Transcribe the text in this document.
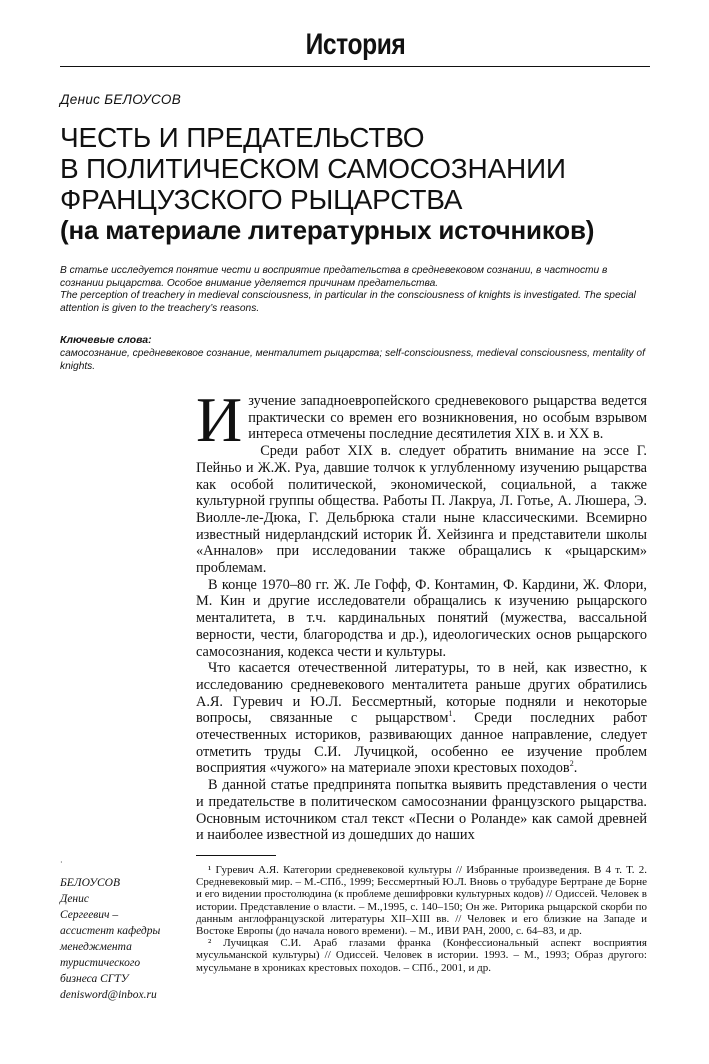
История
Денис БЕЛОУСОВ
ЧЕСТЬ И ПРЕДАТЕЛЬСТВО
В ПОЛИТИЧЕСКОМ САМОСОЗНАНИИ
ФРАНЦУЗСКОГО РЫЦАРСТВА
(на материале литературных источников)

В статье исследуется понятие чести и восприятие предательства в средневековом сознании, в частности в сознании рыцарства. Особое внимание уделяется причинам предательства.

The perception of treachery in medieval consciousness, in particular in the consciousness of knights is investigated. The special attention is given to the treachery’s reasons.

Ключевые слова:
самосознание, средневековое сознание, менталитет рыцарства; self-consciousness, medieval consciousness, mentality of knights.

Изучение западноевропейского средневекового рыцарства ведется практически со времен его возникновения, но особым взрывом интереса отмечены последние десятилетия XIX в. и XX в.

Среди работ XIX в. следует обратить внимание на эссе Г. Пейньо и Ж.Ж. Руа, давшие толчок к углубленному изучению рыцарства как особой политической, экономической, социальной, а также культурной группы общества. Работы П. Лакруа, Л. Готье, А. Люшера, Э. Виолле-ле-Дюка, Г. Дельбрюка стали ныне классическими. Всемирно известный нидерландский историк Й. Хейзинга и представители школы «Анналов» при исследовании также обращались к «рыцарским» проблемам.

В конце 1970–80 гг. Ж. Ле Гофф, Ф. Контамин, Ф. Кардини, Ж. Флори, М. Кин и другие исследователи обращались к изучению рыцарского менталитета, в т.ч. кардинальных понятий (мужества, вассальной верности, чести, благородства и др.), идеологических основ рыцарского самосознания, кодекса чести и культуры.

Что касается отечественной литературы, то в ней, как известно, к исследованию средневекового менталитета раньше других обратились А.Я. Гуревич и Ю.Л. Бессмертный, которые подняли и некоторые вопросы, связанные с рыцарством$^1$. Среди последних работ отечественных историков, развивающих данное направление, следует отметить труды С.И. Лучицкой, особенно ее изучение проблем восприятия «чужого» на материале эпохи крестовых походов$^2$.

В данной статье предпринята попытка выявить представления о чести и предательстве в политическом самосознании французского рыцарства. Основным источником стал текст «Песни о Роланде» как самой древней и наиболее известной из дошедших до наших

·
БЕЛОУСОВ
Денис
Сергеевич –
ассистент кафедры
менеджмента
туристического
бизнеса СГТУ
denisword@inbox.ru

¹ Гуревич А.Я. Категории средневековой культуры // Избранные произведения. В 4 т. Т. 2. Средневековый мир. – М.-СПб., 1999; Бессмертный Ю.Л. Вновь о трубадуре Бертране де Борне и его видении простолюдина (к проблеме дешифровки культурных кодов) // Одиссей. Человек в истории. Представление о власти. – М.,1995, с. 140–150; Он же. Риторика рыцарской скорби по данным англофранцузской литературы XII–XIII вв. // Человек и его близкие на Западе и Востоке Европы (до начала нового времени). – М., ИВИ РАН, 2000, с. 64–83, и др.

² Лучицкая С.И. Араб глазами франка (Конфессиональный аспект восприятия мусульманской культуры) // Одиссей. Человек в истории. 1993. – М., 1993; Образ другого: мусульмане в хрониках крестовых походов. – СПб., 2001, и др.
